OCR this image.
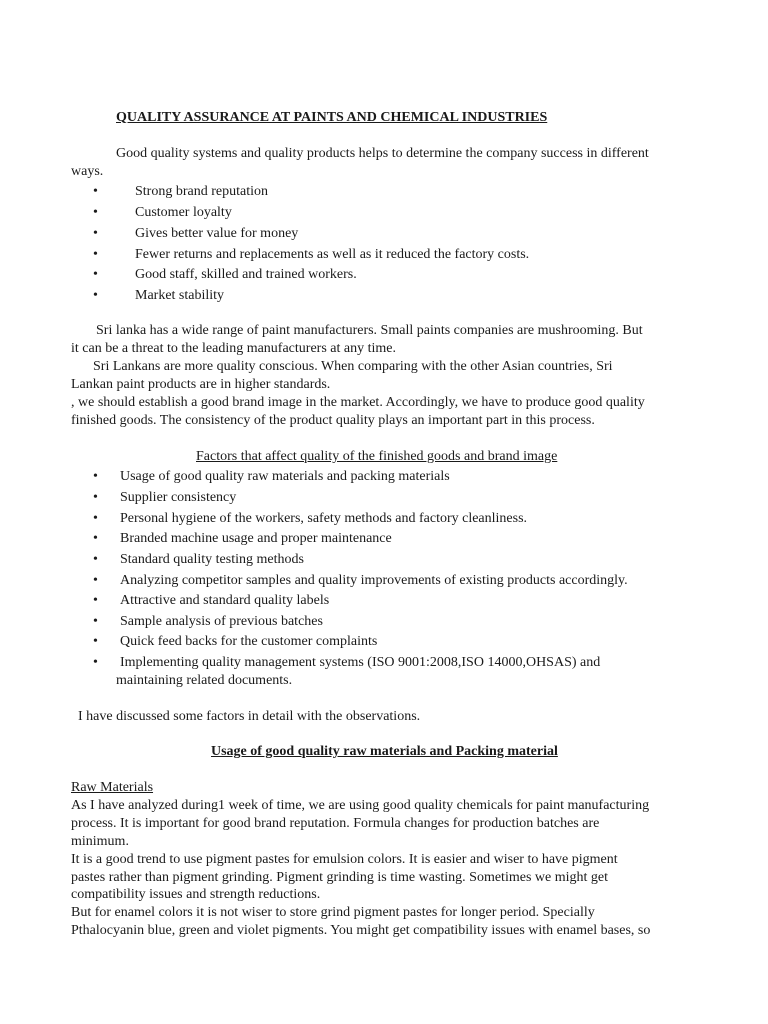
QUALITY ASSURANCE AT PAINTS AND CHEMICAL INDUSTRIES
Good quality systems and quality products helps to determine the company success in different
ways.
•	Strong brand reputation
•	Customer loyalty
•	Gives better value for money
•	Fewer returns and replacements as well as it reduced the factory costs.
•	Good staff, skilled and trained workers.
•	Market stability
Sri lanka has a wide range of paint manufacturers. Small paints companies are mushrooming. But
it can be a threat to the leading manufacturers at any time.
Sri Lankans are more quality conscious. When comparing with the other Asian countries, Sri
Lankan paint products are in higher standards.
, we should establish a good brand image in the market. Accordingly, we have to produce good quality
finished goods. The consistency of the product quality plays an important part in this process.
Factors that affect quality of the finished goods and brand image
• Usage of good quality raw materials and packing materials
• Supplier consistency
• Personal hygiene of the workers, safety methods and factory cleanliness.
• Branded machine usage and proper maintenance
• Standard quality testing methods
• Analyzing competitor samples and quality improvements of existing products accordingly.
• Attractive and standard quality labels
• Sample analysis of previous batches
• Quick feed backs for the customer complaints
• Implementing quality management systems (ISO 9001:2008,ISO 14000,OHSAS) and
maintaining related documents.
I have discussed some factors in detail with the observations.
Usage of good quality raw materials and Packing material
Raw Materials
As I have analyzed during1 week of time, we are using good quality chemicals for paint manufacturing
process. It is important for good brand reputation. Formula changes for production batches are
minimum.
It is a good trend to use pigment pastes for emulsion colors. It is easier and wiser to have pigment
pastes rather than pigment grinding. Pigment grinding is time wasting. Sometimes we might get
compatibility issues and strength reductions.
But for enamel colors it is not wiser to store grind pigment pastes for longer period. Specially
Pthalocyanin blue, green and violet pigments. You might get compatibility issues with enamel bases, so
